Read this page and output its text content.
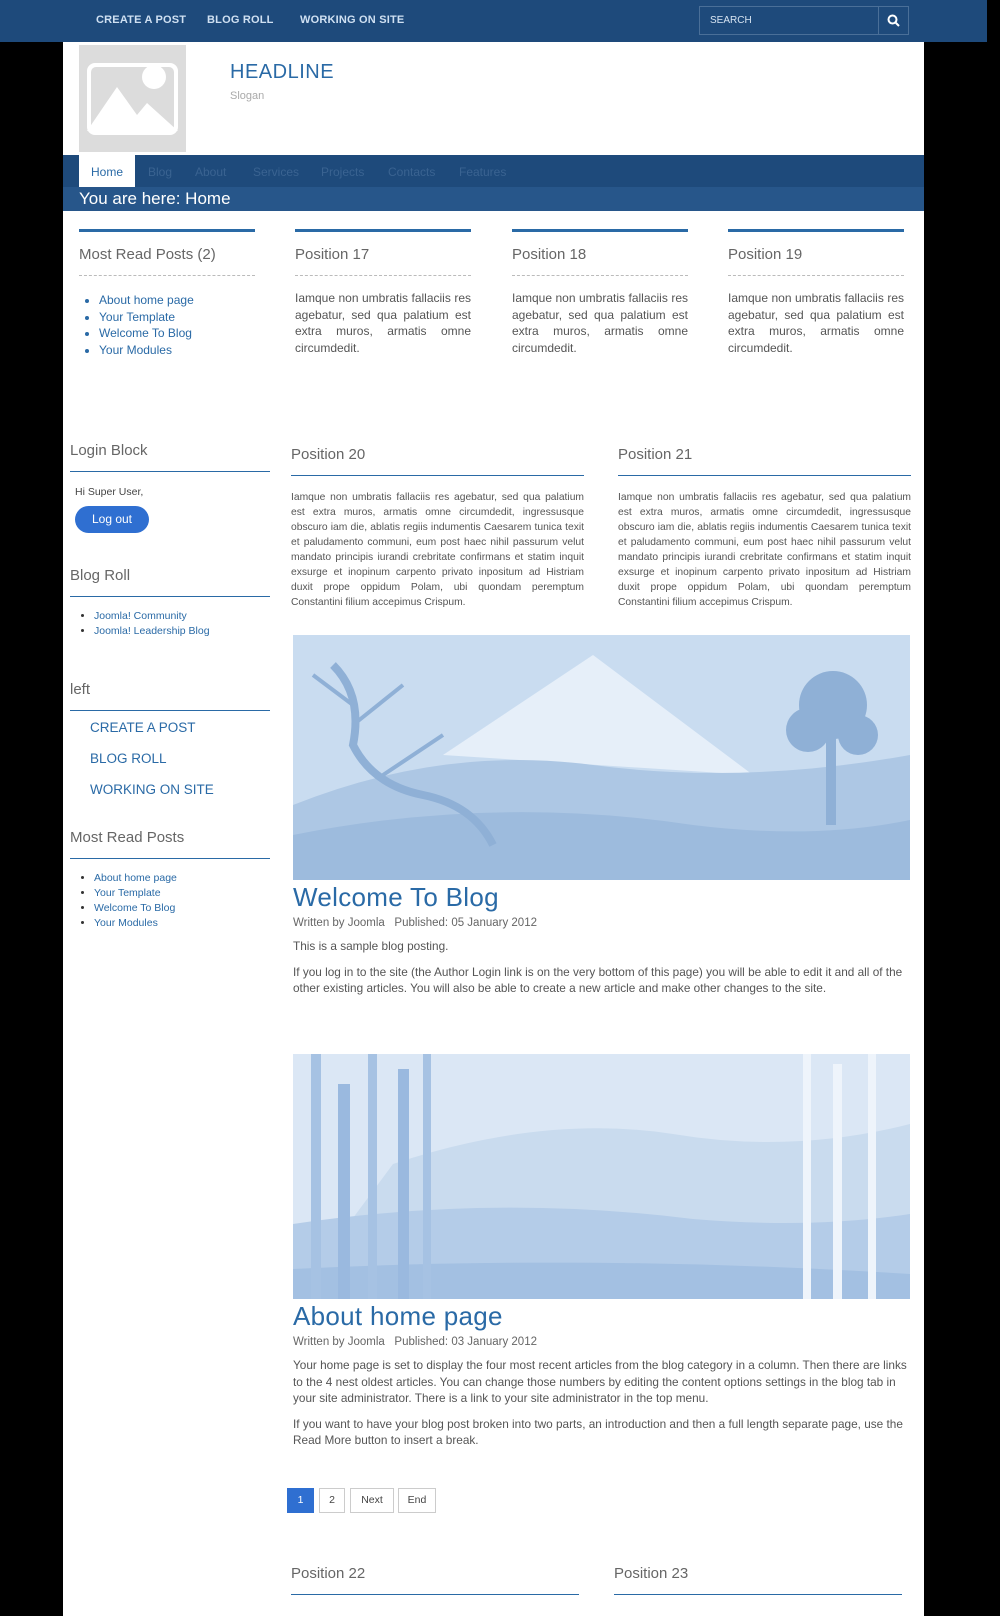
CREATE A POST BLOG ROLL WORKING ON SITE
SEARCH
HEADLINE
Slogan
Home	Blog About Services Projects Contacts Features
You are here: Home
Most Read Posts (2)
• About home page
• Your Template
• Welcome To Blog
• Your Modules
Position 17

Iamque non umbratis fallaciis res agebatur, sed qua palatium est extra muros, armatis omne circumdedit.

Position 18

Iamque non umbratis fallaciis res agebatur, sed qua palatium est extra muros, armatis omne circumdedit.

Position 19

Iamque non umbratis fallaciis res agebatur, sed qua palatium est extra muros, armatis omne circumdedit.

Login Block
Hi Super User,
Log out
Blog Roll
• Joomla! Community
• Joomla! Leadership Blog
left
CREATE A POST
BLOG ROLL
WORKING ON SITE
Most Read Posts
• About home page
• Your Template
• Welcome To Blog
• Your Modules
Position 20

Iamque non umbratis fallaciis res agebatur, sed qua palatium est extra muros, armatis omne circumdedit, ingressusque obscuro iam die, ablatis regiis indumentis Caesarem tunica texit et paludamento communi, eum post haec nihil passurum velut mandato principis iurandi crebritate confirmans et statim inquit exsurge et inopinum carpento privato inpositum ad Histriam duxit prope oppidum Polam, ubi quondam peremptum Constantini filium accepimus Crispum.

Position 21

Iamque non umbratis fallaciis res agebatur, sed qua palatium est extra muros, armatis omne circumdedit, ingressusque obscuro iam die, ablatis regiis indumentis Caesarem tunica texit et paludamento communi, eum post haec nihil passurum velut mandato principis iurandi crebritate confirmans et statim inquit exsurge et inopinum carpento privato inpositum ad Histriam duxit prope oppidum Polam, ubi quondam peremptum Constantini filium accepimus Crispum.

Welcome To Blog
Written by Joomla Published: 05 January 2012

This is a sample blog posting.

If you log in to the site (the Author Login link is on the very bottom of this page) you will be able to edit it and all of the other existing articles. You will also be able to create a new article and make other changes to the site.

About home page
Written by Joomla Published: 03 January 2012

Your home page is set to display the four most recent articles from the blog category in a column. Then there are links to the 4 nest oldest articles. You can change those numbers by editing the content options settings in the blog tab in your site administrator. There is a link to your site administrator in the top menu.

If you want to have your blog post broken into two parts, an introduction and then a full length separate page, use the Read More button to insert a break.

1	2	Next	End
Position 22	Position 23
